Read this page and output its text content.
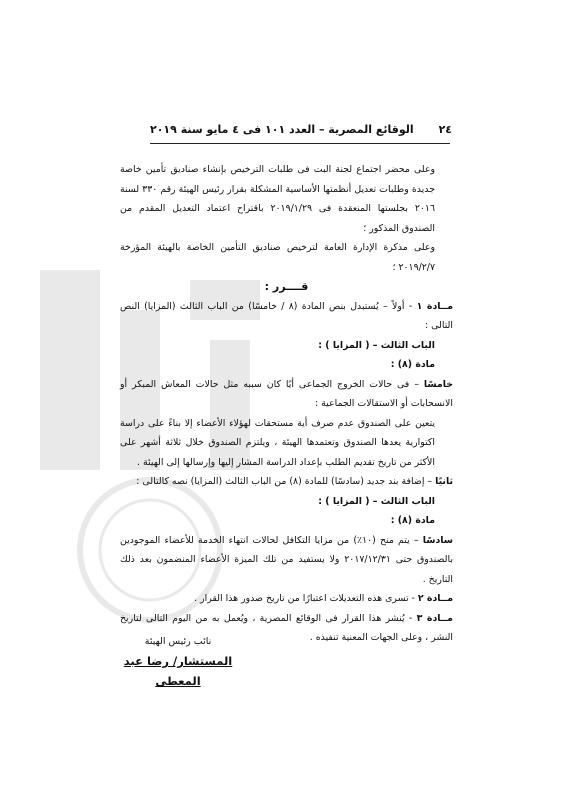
٢٤
الوقائع المصرية – العدد ١٠١ فى ٤ مايو سنة ٢٠١٩

وعلى محضر اجتماع لجنة البت فى طلبات الترخيص بإنشاء صناديق تأمين خاصة جديدة وطلبات تعديل أنظمتها الأساسية المشكلة بقرار رئيس الهيئة رقم ٣٣٠ لسنة ٢٠١٦ بجلستها المنعقدة فى ٢٠١٩/١/٢٩ باقتراح اعتماد التعديل المقدم من الصندوق المذكور ؛

وعلى مذكرة الإدارة العامة لترخيص صناديق التأمين الخاصة بالهيئة المؤرخة ٢٠١٩/٢/٧ ؛

قــــرر :

مــادة ١ - أولاً – يُستبدل بنص المادة (٨ / خامسًا) من الباب الثالث (المزايا) النص التالى :

الباب الثالث – ( المزايا ) :

مادة (٨) :

خامسًا – فى حالات الخروج الجماعى أيًا كان سببه مثل حالات المعاش المبكر أو الانسحابات أو الاستقالات الجماعية :

يتعين على الصندوق عدم صرف أية مستحقات لهؤلاء الأعضاء إلا بناءً على دراسة اكتوارية يعدها الصندوق وتعتمدها الهيئة ، ويلتزم الصندوق خلال ثلاثة أشهر على الأكثر من تاريخ تقديم الطلب بإعداد الدراسة المشار إليها وإرسالها إلى الهيئة .

ثانيًا – إضافة بند جديد (سادسًا) للمادة (٨) من الباب الثالث (المزايا) نصه كالتالى :

الباب الثالث – ( المزايا ) :

مادة (٨) :

سادسًا – يتم منح (١٠٪) من مزايا التكافل لحالات انتهاء الخدمة للأعضاء الموجودين بالصندوق حتى ٢٠١٧/١٢/٣١ ولا يستفيد من تلك الميزة الأعضاء المنضمون بعد ذلك التاريخ .

مــادة ٢ - تسرى هذه التعديلات اعتبارًا من تاريخ صدور هذا القرار .

مــادة ٣ - يُنشر هذا القرار فى الوقائع المصرية ، ويُعمل به من اليوم التالى لتاريخ النشر ، وعلى الجهات المعنية تنفيذه .

نائب رئيس الهيئة
المستشار/ رضا عبد المعطى
